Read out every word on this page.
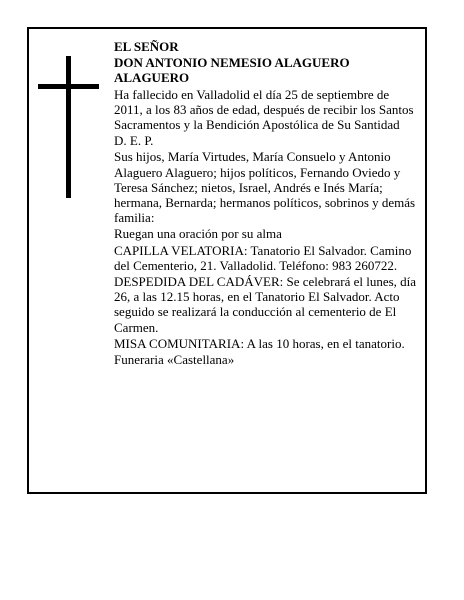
EL SEÑOR

DON ANTONIO NEMESIO ALAGUERO ALAGUERO

Ha fallecido en Valladolid el día 25 de septiembre de 2011, a los 83 años de edad, después de recibir los Santos Sacramentos y la Bendición Apostólica de Su Santidad

D. E. P.

Sus hijos, María Virtudes, María Consuelo y Antonio Alaguero Alaguero; hijos políticos, Fernando Oviedo y Teresa Sánchez; nietos, Israel, Andrés e Inés María; hermana, Bernarda; hermanos políticos, sobrinos y demás familia:

Ruegan una oración por su alma

CAPILLA VELATORIA: Tanatorio El Salvador. Camino del Cementerio, 21. Valladolid. Teléfono: 983 260722.

DESPEDIDA DEL CADÁVER: Se celebrará el lunes, día 26, a las 12.15 horas, en el Tanatorio El Salvador. Acto seguido se realizará la conducción al cementerio de El Carmen.

MISA COMUNITARIA: A las 10 horas, en el tanatorio.

Funeraria «Castellana»
